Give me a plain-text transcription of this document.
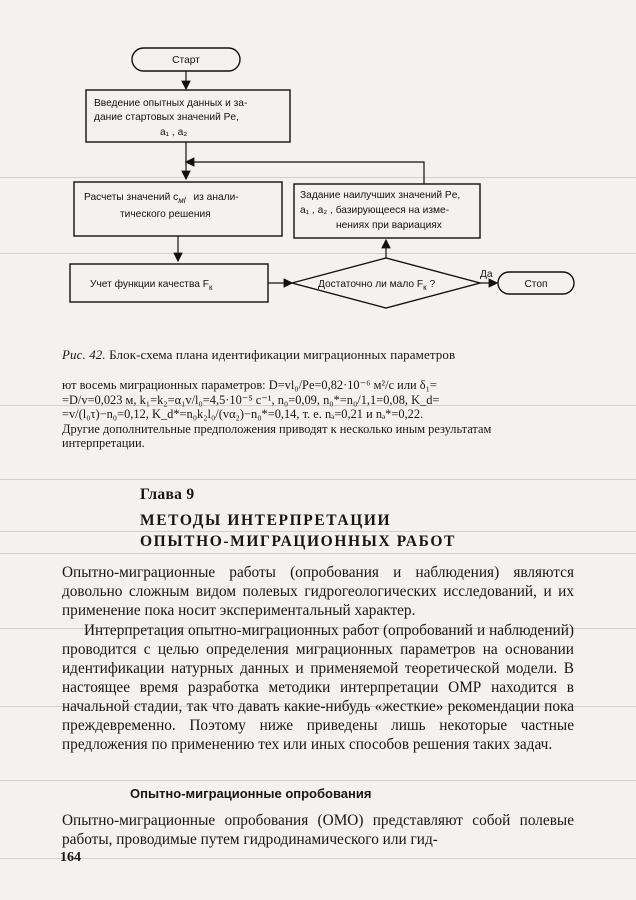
Старт
Введение опытных данных и за-
дание стартовых значений Pe,
a₁ , a₂
Расчеты значений $c_{мl}$ из анали-
тического решения
Задание наилучших значений Pe,
a₁ , a₂ , базирующееся на изме-
нениях при вариациях
Учет функции качества $F_к$	Достаточно ли мало $F_к$ ?
Да
Стоп
Рис. 42. Блок-схема плана идентификации миграционных параметров

ют восемь миграционных параметров: D=vl₀/Pe=0,82·10⁻⁶ м²/с или δ₁=

=D/v=0,023 м, k₁=k₂=α₁v/l₀=4,5·10⁻⁵ с⁻¹, n₀=0,09, n₀*=n₀/1,1=0,08, K_d=

=v/(l₀τ)−n₀=0,12, K_d*=n₀k₂l₀/(vα₂)−n₀*=0,14, т. е. nₔ=0,21 и nₔ*=0,22.

Другие дополнительные предположения приводят к несколько иным результатам

интерпретации.

Глава 9
МЕТОДЫ ИНТЕРПРЕТАЦИИ
ОПЫТНО-МИГРАЦИОННЫХ РАБОТ

Опытно-миграционные работы (опробования и наблюдения) являются довольно сложным видом полевых гидрогеологических исследований, и их применение пока носит экспериментальный характер.

Интерпретация опытно-миграционных работ (опробований и наблюдений) проводится с целью определения миграционных параметров на основании идентификации натурных данных и применяемой теоретической модели. В настоящее время разработка методики интерпретации ОМР находится в начальной стадии, так что давать какие-нибудь «жесткие» рекомендации пока преждевременно. Поэтому ниже приведены лишь некоторые частные предложения по применению тех или иных способов решения таких задач.

Опытно-миграционные опробования

Опытно-миграционные опробования (ОМО) представляют собой полевые работы, проводимые путем гидродинамического или гид-

164
